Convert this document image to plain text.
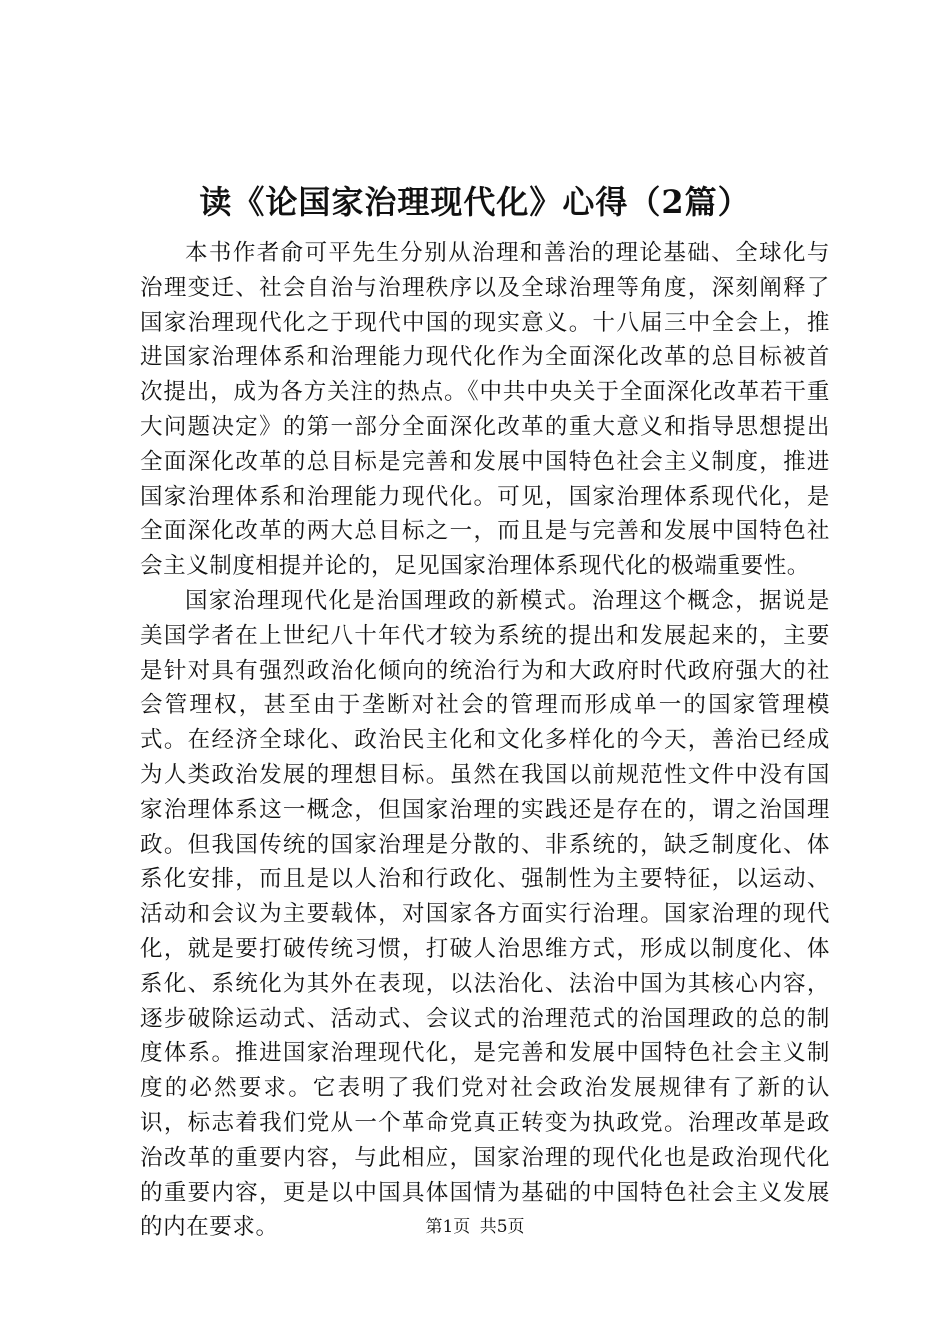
读《论国家治理现代化》心得（2篇）

本书作者俞可平先生分别从治理和善治的理论基础、全球化与治理变迁、社会自治与治理秩序以及全球治理等角度，深刻阐释了国家治理现代化之于现代中国的现实意义。十八届三中全会上，推进国家治理体系和治理能力现代化作为全面深化改革的总目标被首次提出，成为各方关注的热点。《中共中央关于全面深化改革若干重大问题决定》的第一部分全面深化改革的重大意义和指导思想提出全面深化改革的总目标是完善和发展中国特色社会主义制度，推进国家治理体系和治理能力现代化。可见，国家治理体系现代化，是全面深化改革的两大总目标之一，而且是与完善和发展中国特色社会主义制度相提并论的，足见国家治理体系现代化的极端重要性。

国家治理现代化是治国理政的新模式。治理这个概念，据说是美国学者在上世纪八十年代才较为系统的提出和发展起来的，主要是针对具有强烈政治化倾向的统治行为和大政府时代政府强大的社会管理权，甚至由于垄断对社会的管理而形成单一的国家管理模式。在经济全球化、政治民主化和文化多样化的今天，善治已经成为人类政治发展的理想目标。虽然在我国以前规范性文件中没有国家治理体系这一概念，但国家治理的实践还是存在的，谓之治国理政。但我国传统的国家治理是分散的、非系统的，缺乏制度化、体系化安排，而且是以人治和行政化、强制性为主要特征，以运动、活动和会议为主要载体，对国家各方面实行治理。国家治理的现代化，就是要打破传统习惯，打破人治思维方式，形成以制度化、体系化、系统化为其外在表现，以法治化、法治中国为其核心内容，逐步破除运动式、活动式、会议式的治理范式的治国理政的总的制度体系。推进国家治理现代化，是完善和发展中国特色社会主义制度的必然要求。它表明了我们党对社会政治发展规律有了新的认识，标志着我们党从一个革命党真正转变为执政党。治理改革是政治改革的重要内容，与此相应，国家治理的现代化也是政治现代化的重要内容，更是以中国具体国情为基础的中国特色社会主义发展的内在要求。	第1页 共5页
